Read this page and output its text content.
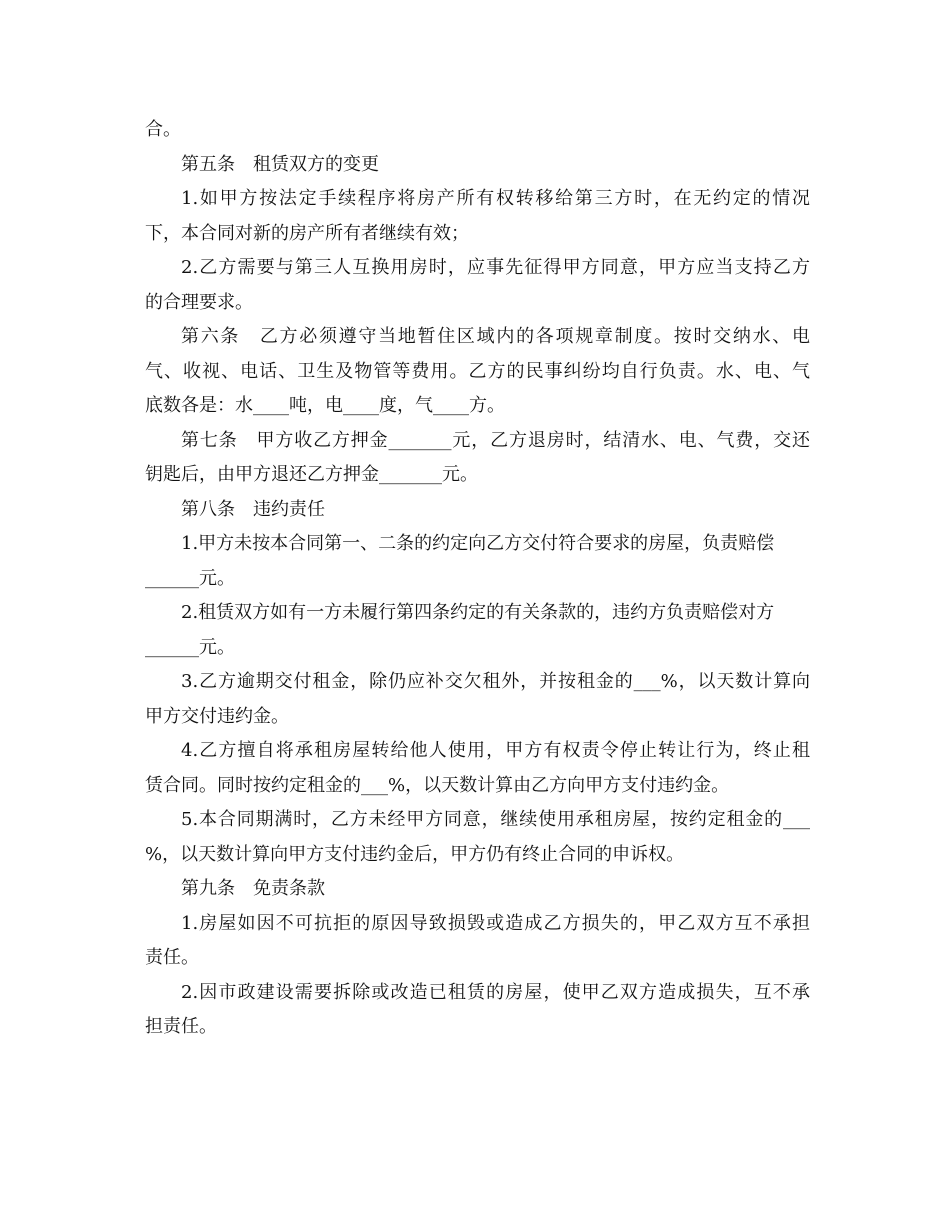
合。
第五条　租赁双方的变更
1.如甲方按法定手续程序将房产所有权转移给第三方时，在无约定的情况
下，本合同对新的房产所有者继续有效；
2.乙方需要与第三人互换用房时，应事先征得甲方同意，甲方应当支持乙方
的合理要求。
第六条　乙方必须遵守当地暂住区域内的各项规章制度。按时交纳水、电
气、收视、电话、卫生及物管等费用。乙方的民事纠纷均自行负责。水、电、气
底数各是：水____吨，电____度，气____方。
第七条　甲方收乙方押金_______元，乙方退房时，结清水、电、气费，交还
钥匙后，由甲方退还乙方押金_______元。
第八条　违约责任
1.甲方未按本合同第一、二条的约定向乙方交付符合要求的房屋，负责赔偿
______元。
2.租赁双方如有一方未履行第四条约定的有关条款的，违约方负责赔偿对方
______元。
3.乙方逾期交付租金，除仍应补交欠租外，并按租金的___%，以天数计算向
甲方交付违约金。
4.乙方擅自将承租房屋转给他人使用，甲方有权责令停止转让行为，终止租
赁合同。同时按约定租金的___%，以天数计算由乙方向甲方支付违约金。
5.本合同期满时，乙方未经甲方同意，继续使用承租房屋，按约定租金的___
%，以天数计算向甲方支付违约金后，甲方仍有终止合同的申诉权。
第九条　免责条款
1.房屋如因不可抗拒的原因导致损毁或造成乙方损失的，甲乙双方互不承担
责任。
2.因市政建设需要拆除或改造已租赁的房屋，使甲乙双方造成损失，互不承
担责任。
